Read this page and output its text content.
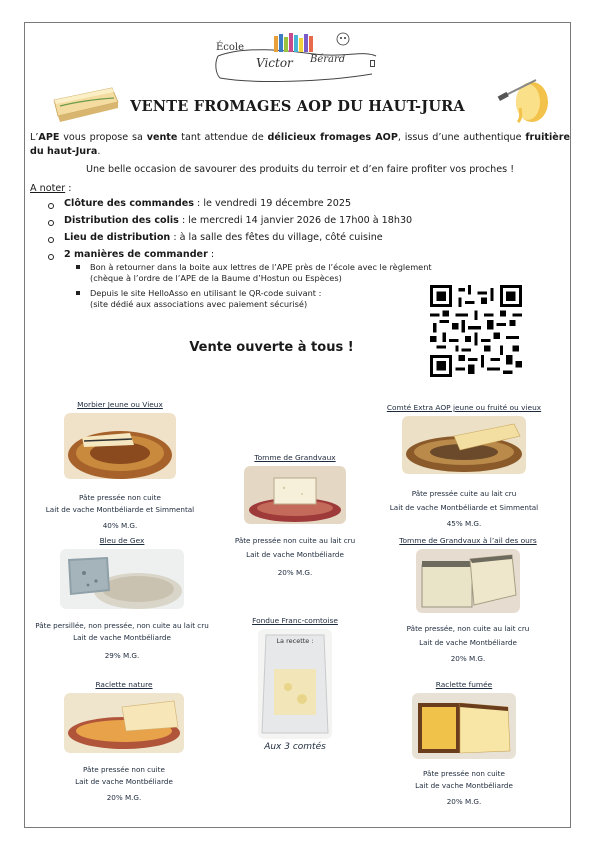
École
Victor Bérard
VENTE FROMAGES AOP DU HAUT-JURA
L’APE vous propose sa vente tant attendue de délicieux fromages AOP, issus d’une authentique fruitière du haut-Jura.
Une belle occasion de savourer des produits du terroir et d’en faire profiter vos proches !
A noter :
Clôture des commandes : le vendredi 19 décembre 2025
Distribution des colis : le mercredi 14 janvier 2026 de 17h00 à 18h30
Lieu de distribution : à la salle des fêtes du village, côté cuisine
2 manières de commander :
Bon à retourner dans la boite aux lettres de l’APE près de l’école avec le règlement
(chèque à l’ordre de l’APE de la Baume d’Hostun ou Espèces)
Depuis le site HelloAsso en utilisant le QR-code suivant :
(site dédié aux associations avec paiement sécurisé)
Vente ouverte à tous !
Morbier Jeune ou Vieux
Pâte pressée non cuite
Lait de vache Montbéliarde et Simmental
40% M.G.
Tomme de Grandvaux
Pâte pressée non cuite au lait cru
Lait de vache Montbéliarde
20% M.G.
Comté Extra AOP jeune ou fruité ou vieux
Pâte pressée cuite au lait cru
Lait de vache Montbéliarde et Simmental
45% M.G.
Bleu de Gex
Pâte persillée, non pressée, non cuite au lait cru
Lait de vache Montbéliarde
29% M.G.
Fondue Franc-comtoise
La recette :
Aux 3 comtés
Tomme de Grandvaux à l’ail des ours
Pâte pressée, non cuite au lait cru
Lait de vache Montbéliarde
20% M.G.
Raclette nature
Pâte pressée non cuite
Lait de vache Montbéliarde
20% M.G.
Raclette fumée
Pâte pressée non cuite
Lait de vache Montbéliarde
20% M.G.
